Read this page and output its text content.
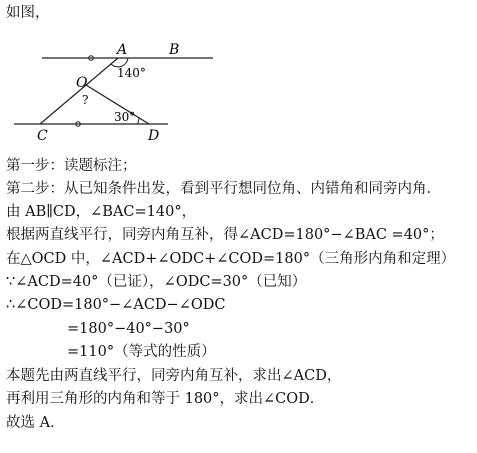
如图，
A	B
O
C	D
140°
30°
?
第一步：读题标注；
第二步：从已知条件出发，看到平行想同位角、内错角和同旁内角．
由 AB∥CD，∠BAC=140°，
根据两直线平行，同旁内角互补，得∠ACD=180°−∠BAC =40°；
在△OCD 中，∠ACD+∠ODC+∠COD=180°（三角形内角和定理）
∵∠ACD=40°（已证），∠ODC=30°（已知）
∴∠COD=180°−∠ACD−∠ODC
=180°−40°−30°
=110°（等式的性质）
本题先由两直线平行，同旁内角互补，求出∠ACD，
再利用三角形的内角和等于 180°，求出∠COD．
故选 A．
